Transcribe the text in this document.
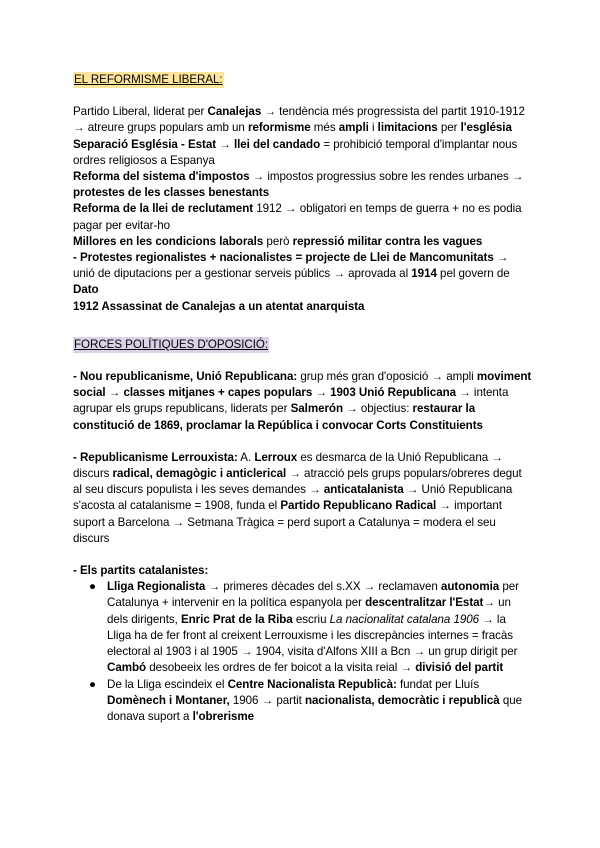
EL REFORMISME LIBERAL:

Partido Liberal, liderat per Canalejas → tendència més progressista del partit 1910-1912 → atreure grups populars amb un reformisme més ampli i limitacions per l'església

Separació Església - Estat → llei del candado = prohibició temporal d'implantar nous ordres religiosos a Espanya

Reforma del sistema d'impostos → impostos progressius sobre les rendes urbanes → protestes de les classes benestants

Reforma de la llei de reclutament 1912 → obligatori en temps de guerra + no es podia pagar per evitar-ho

Millores en les condicions laborals però repressió militar contra les vagues

- Protestes regionalistes + nacionalistes = projecte de Llei de Mancomunitats → unió de diputacions per a gestionar serveis públics → aprovada al 1914 pel govern de Dato

1912 Assassinat de Canalejas a un atentat anarquista

FORCES POLÍTIQUES D'OPOSICIÓ:

- Nou republicanisme, Unió Republicana: grup més gran d'oposició → ampli moviment social → classes mitjanes + capes populars → 1903 Unió Republicana → intenta agrupar els grups republicans, liderats per Salmerón → objectius: restaurar la constitució de 1869, proclamar la República i convocar Corts Constituients

- Republicanisme Lerrouxista: A. Lerroux es desmarca de la Unió Republicana → discurs radical, demagògic i anticlerical → atracció pels grups populars/obreres degut al seu discurs populista i les seves demandes → anticatalanista → Unió Republicana s'acosta al catalanisme = 1908, funda el Partido Republicano Radical → important suport a Barcelona → Setmana Tràgica = perd suport a Catalunya = modera el seu discurs

- Els partits catalanistes:

● Lliga Regionalista → primeres dècades del s.XX → reclamaven autonomia per Catalunya + intervenir en la política espanyola per descentralitzar l'Estat→ un dels dirigents, Enric Prat de la Riba escriu La nacionalitat catalana 1906 → la Lliga ha de fer front al creixent Lerrouxisme i les discrepàncies internes = fracàs electoral al 1903 i al 1905 → 1904, visita d'Alfons XIII a Bcn → un grup dirigit per Cambó desobeeix les ordres de fer boicot a la visita reial → divisió del partit
● De la Lliga escindeix el Centre Nacionalista Republicà: fundat per Lluís Domènech i Montaner, 1906 → partit nacionalista, democràtic i republicà que donava suport a l'obrerisme
